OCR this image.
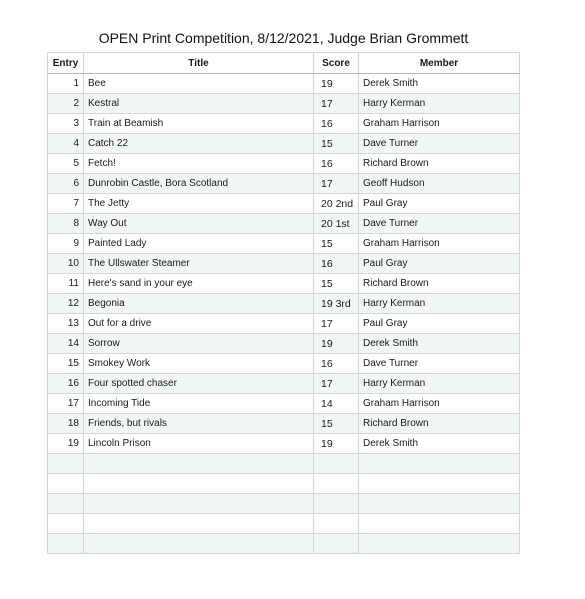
OPEN Print Competition, 8/12/2021, Judge Brian Grommett
Entry	Title	Score	Member
1	Bee	19	Derek Smith
2	Kestral	17	Harry Kerman
3	Train at Beamish	16	Graham Harrison
4	Catch 22	15	Dave Turner
5	Fetch!	16	Richard Brown
6	Dunrobin Castle, Bora Scotland	17	Geoff Hudson
7	The Jetty	20 2nd	Paul Gray
8	Way Out	20 1st	Dave Turner
9	Painted Lady	15	Graham Harrison
10	The Ullswater Steamer	16	Paul Gray
11	Here's sand in your eye	15	Richard Brown
12	Begonia	19 3rd	Harry Kerman
13	Out for a drive	17	Paul Gray
14	Sorrow	19	Derek Smith
15	Smokey Work	16	Dave Turner
16	Four spotted chaser	17	Harry Kerman
17	Incoming Tide	14	Graham Harrison
18	Friends, but rivals	15	Richard Brown
19	Lincoln Prison	19	Derek Smith
